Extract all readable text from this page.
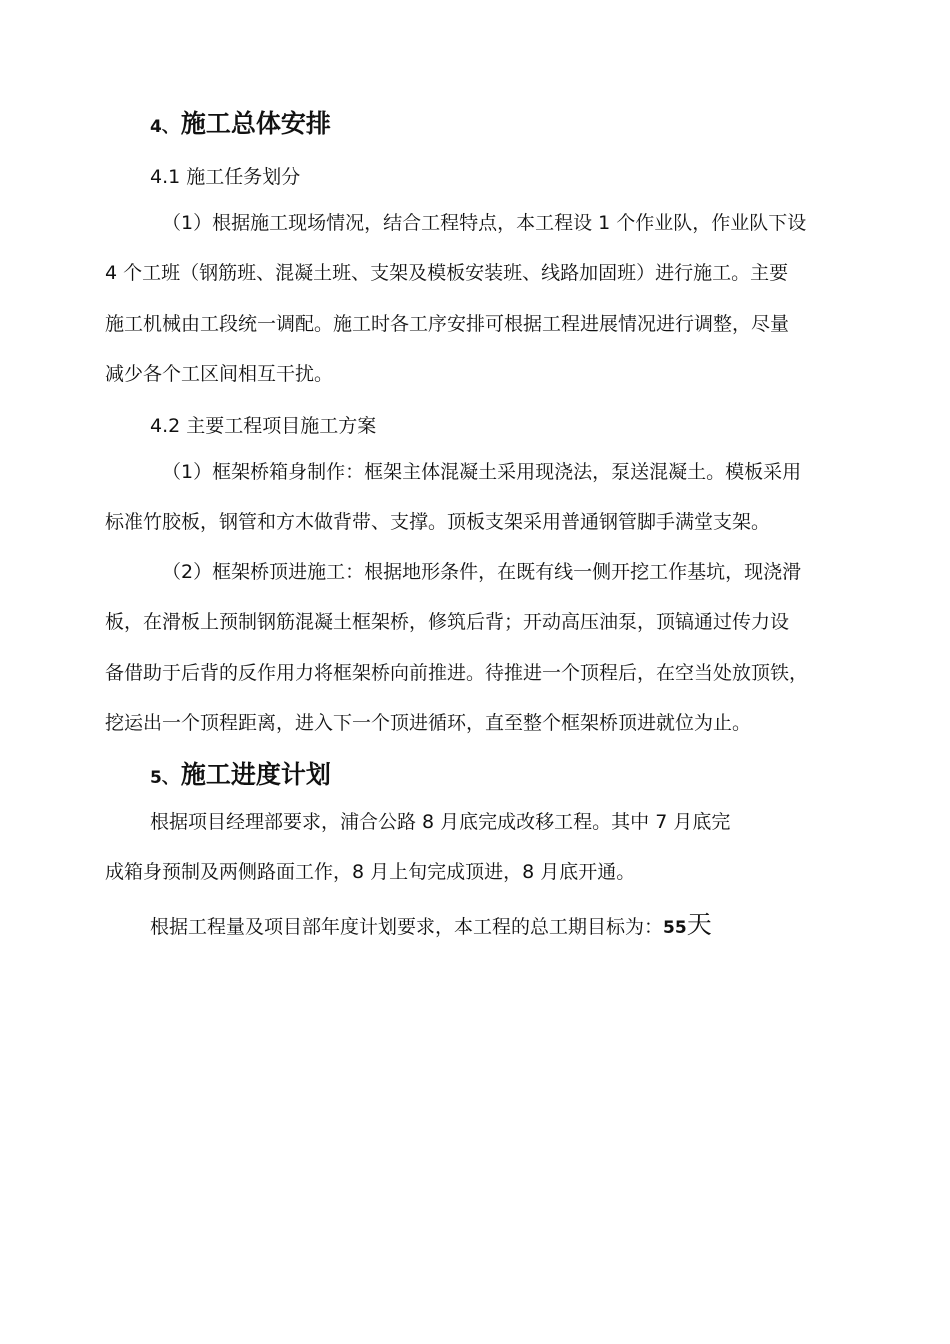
4、施工总体安排
4.1 施工任务划分
（1）根据施工现场情况，结合工程特点，本工程设 1 个作业队，作业队下设
4 个工班（钢筋班、混凝土班、支架及模板安装班、线路加固班）进行施工。主要
施工机械由工段统一调配。施工时各工序安排可根据工程进展情况进行调整，尽量
减少各个工区间相互干扰。
4.2 主要工程项目施工方案
（1）框架桥箱身制作：框架主体混凝土采用现浇法，泵送混凝土。模板采用
标准竹胶板，钢管和方木做背带、支撑。顶板支架采用普通钢管脚手满堂支架。
（2）框架桥顶进施工：根据地形条件，在既有线一侧开挖工作基坑，现浇滑
板，在滑板上预制钢筋混凝土框架桥，修筑后背；开动高压油泵，顶镐通过传力设
备借助于后背的反作用力将框架桥向前推进。待推进一个顶程后，在空当处放顶铁，
挖运出一个顶程距离，进入下一个顶进循环，直至整个框架桥顶进就位为止。
5、施工进度计划
根据项目经理部要求，浦合公路 8 月底完成改移工程。其中 7 月底完
成箱身预制及两侧路面工作，8 月上旬完成顶进，8 月底开通。
根据工程量及项目部年度计划要求，本工程的总工期目标为：55天
